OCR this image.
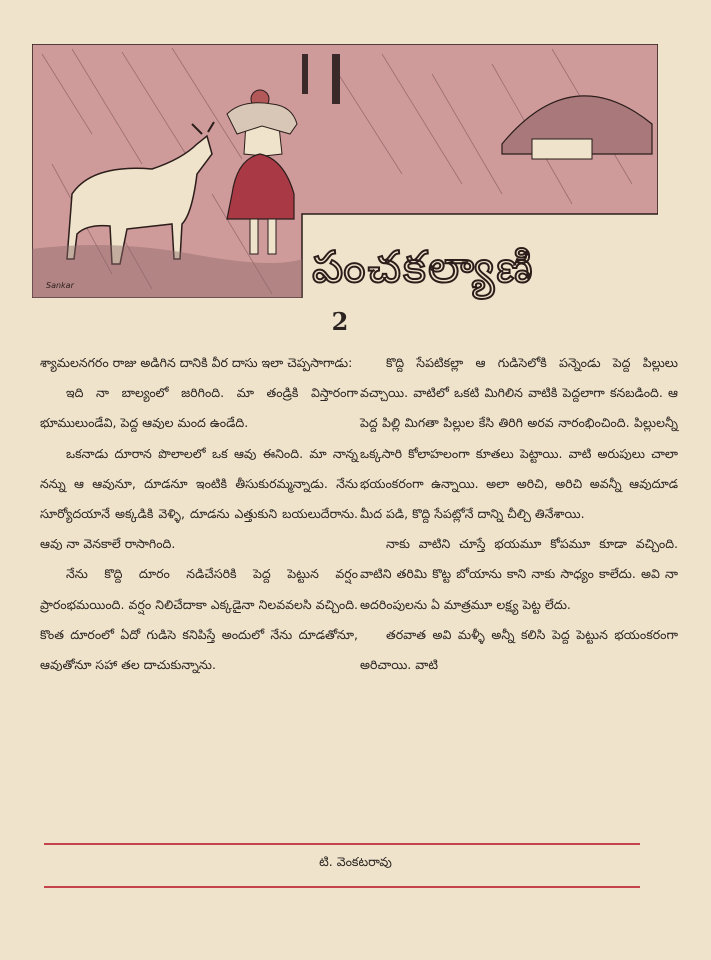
Sankar	పంచకల్యాణి
2

శ్యామలనగరం రాజు అడిగిన దానికి వీర దాసు ఇలా చెప్పసాగాడు:

ఇది నా బాల్యంలో జరిగింది. మా తండ్రికి విస్తారంగా భూములుండేవి, పెద్ద ఆవుల మంద ఉండేది.

ఒకనాడు దూరాన పొలాలలో ఒక ఆవు ఈనింది. మా నాన్న నన్ను ఆ ఆవునూ, దూడనూ ఇంటికి తీసుకురమ్మన్నాడు. నేను సూర్యోదయానే అక్కడికి వెళ్ళి, దూడను ఎత్తుకుని బయలుదేరాను. ఆవు నా వెనకాలే రాసాగింది.

నేను కొద్ది దూరం నడిచేసరికి పెద్ద పెట్టున వర్షం ప్రారంభమయింది. వర్షం నిలిచేదాకా ఎక్కడైనా నిలవవలసి వచ్చింది. కొంత దూరంలో ఏదో గుడిసె కనిపిస్తే అందులో నేను దూడతోనూ, ఆవుతోనూ సహా తల దాచుకున్నాను.

కొద్ది సేపటికల్లా ఆ గుడిసెలోకి పన్నెండు పెద్ద పిల్లులు వచ్చాయి. వాటిలో ఒకటి మిగిలిన వాటికి పెద్దలాగా కనబడింది. ఆ పెద్ద పిల్లి మిగతా పిల్లుల కేసి తిరిగి అరవ నారంభించింది. పిల్లులన్నీ ఒక్కసారి కోలాహలంగా కూతలు పెట్టాయి. వాటి అరుపులు చాలా భయంకరంగా ఉన్నాయి. అలా అరిచి, అరిచి అవన్నీ ఆవుదూడ మీద పడి, కొద్ది సేపట్లోనే దాన్ని చీల్చి తినేశాయి.

నాకు వాటిని చూస్తే భయమూ కోపమూ కూడా వచ్చింది. వాటిని తరిమి కొట్ట బోయాను కాని నాకు సాధ్యం కాలేదు. అవి నా అదరింపులను ఏ మాత్రమూ లక్ష్య పెట్ట లేదు.

తరవాత అవి మళ్ళీ అన్నీ కలిసి పెద్ద పెట్టున భయంకరంగా అరిచాయి. వాటి

టి. వెంకటరావు
